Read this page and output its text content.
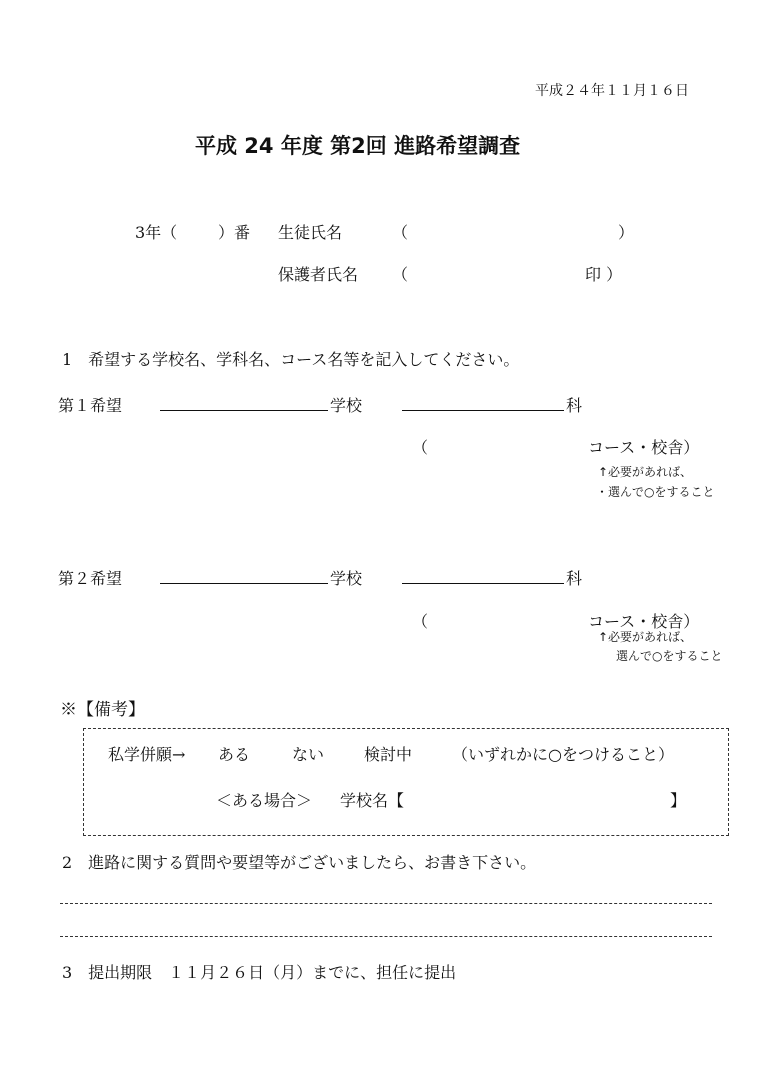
平成２４年１１月１６日
平成 24 年度 第2回 進路希望調査
3年（	）番 生徒氏名	（	）
保護者氏名 （	印 ）
1　希望する学校名、学科名、コース名等を記入してください。
第１希望	学校	科
（	コース・校舎）
↑必要があれば、
・選んで○をすること
第２希望	学校	科
（	コース・校舎）
↑必要があれば、
選んで○をすること
※【備考】
私学併願→ ある	ない 検討中 （いずれかに○をつけること）
＜ある場合＞ 学校名【	】
2　進路に関する質問や要望等がございましたら、お書き下さい。
3　提出期限　１１月２６日（月）までに、担任に提出
